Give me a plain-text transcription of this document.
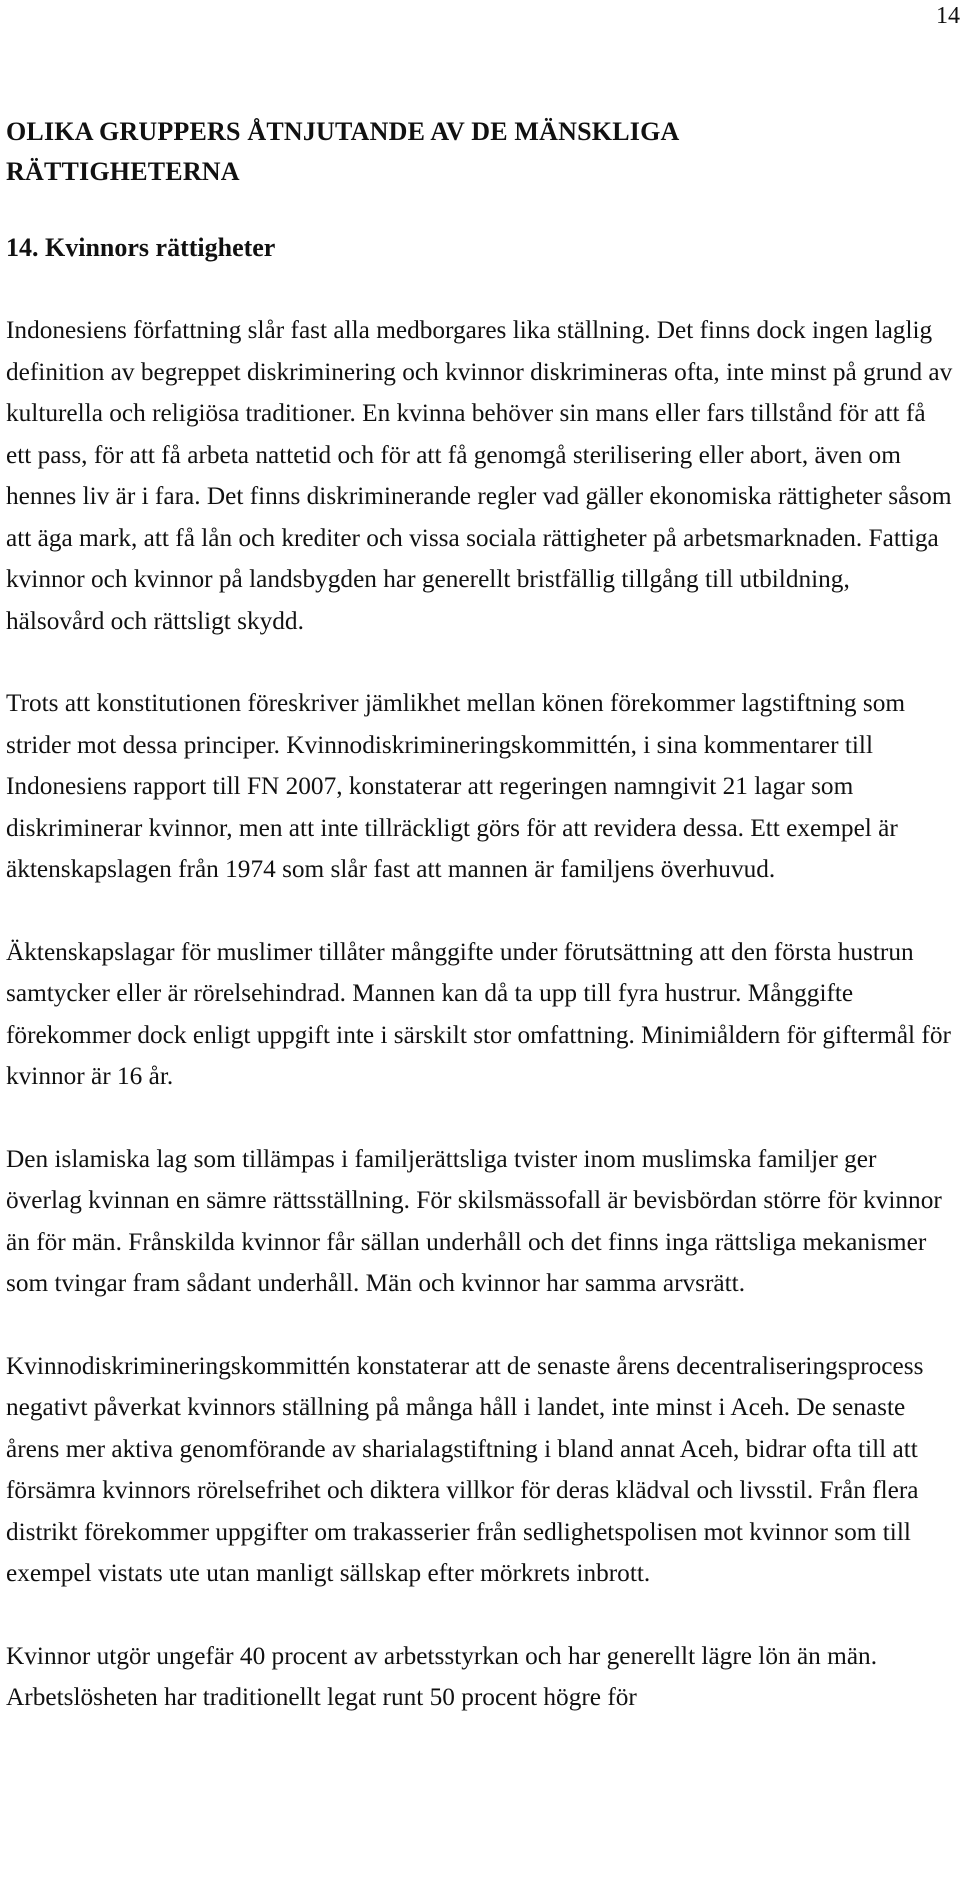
14
OLIKA GRUPPERS ÅTNJUTANDE AV DE MÄNSKLIGA
RÄTTIGHETERNA
14. Kvinnors rättigheter

Indonesiens författning slår fast alla medborgares lika ställning. Det finns dock ingen laglig definition av begreppet diskriminering och kvinnor diskrimineras ofta, inte minst på grund av kulturella och religiösa traditioner. En kvinna behöver sin mans eller fars tillstånd för att få ett pass, för att få arbeta nattetid och för att få genomgå sterilisering eller abort, även om hennes liv är i fara. Det finns diskriminerande regler vad gäller ekonomiska rättigheter såsom att äga mark, att få lån och krediter och vissa sociala rättigheter på arbetsmarknaden. Fattiga kvinnor och kvinnor på landsbygden har generellt bristfällig tillgång till utbildning, hälsovård och rättsligt skydd.

Trots att konstitutionen föreskriver jämlikhet mellan könen förekommer lagstiftning som strider mot dessa principer. Kvinnodiskrimineringskommittén, i sina kommentarer till Indonesiens rapport till FN 2007, konstaterar att regeringen namngivit 21 lagar som diskriminerar kvinnor, men att inte tillräckligt görs för att revidera dessa. Ett exempel är äktenskapslagen från 1974 som slår fast att mannen är familjens överhuvud.

Äktenskapslagar för muslimer tillåter månggifte under förutsättning att den första hustrun samtycker eller är rörelsehindrad. Mannen kan då ta upp till fyra hustrur. Månggifte förekommer dock enligt uppgift inte i särskilt stor omfattning. Minimiåldern för giftermål för kvinnor är 16 år.

Den islamiska lag som tillämpas i familjerättsliga tvister inom muslimska familjer ger överlag kvinnan en sämre rättsställning. För skilsmässofall är bevisbördan större för kvinnor än för män. Frånskilda kvinnor får sällan underhåll och det finns inga rättsliga mekanismer som tvingar fram sådant underhåll. Män och kvinnor har samma arvsrätt.

Kvinnodiskrimineringskommittén konstaterar att de senaste årens decentraliseringsprocess negativt påverkat kvinnors ställning på många håll i landet, inte minst i Aceh. De senaste årens mer aktiva genomförande av sharialagstiftning i bland annat Aceh, bidrar ofta till att försämra kvinnors rörelsefrihet och diktera villkor för deras klädval och livsstil. Från flera distrikt förekommer uppgifter om trakasserier från sedlighetspolisen mot kvinnor som till exempel vistats ute utan manligt sällskap efter mörkrets inbrott.

Kvinnor utgör ungefär 40 procent av arbetsstyrkan och har generellt lägre lön än män. Arbetslösheten har traditionellt legat runt 50 procent högre för
